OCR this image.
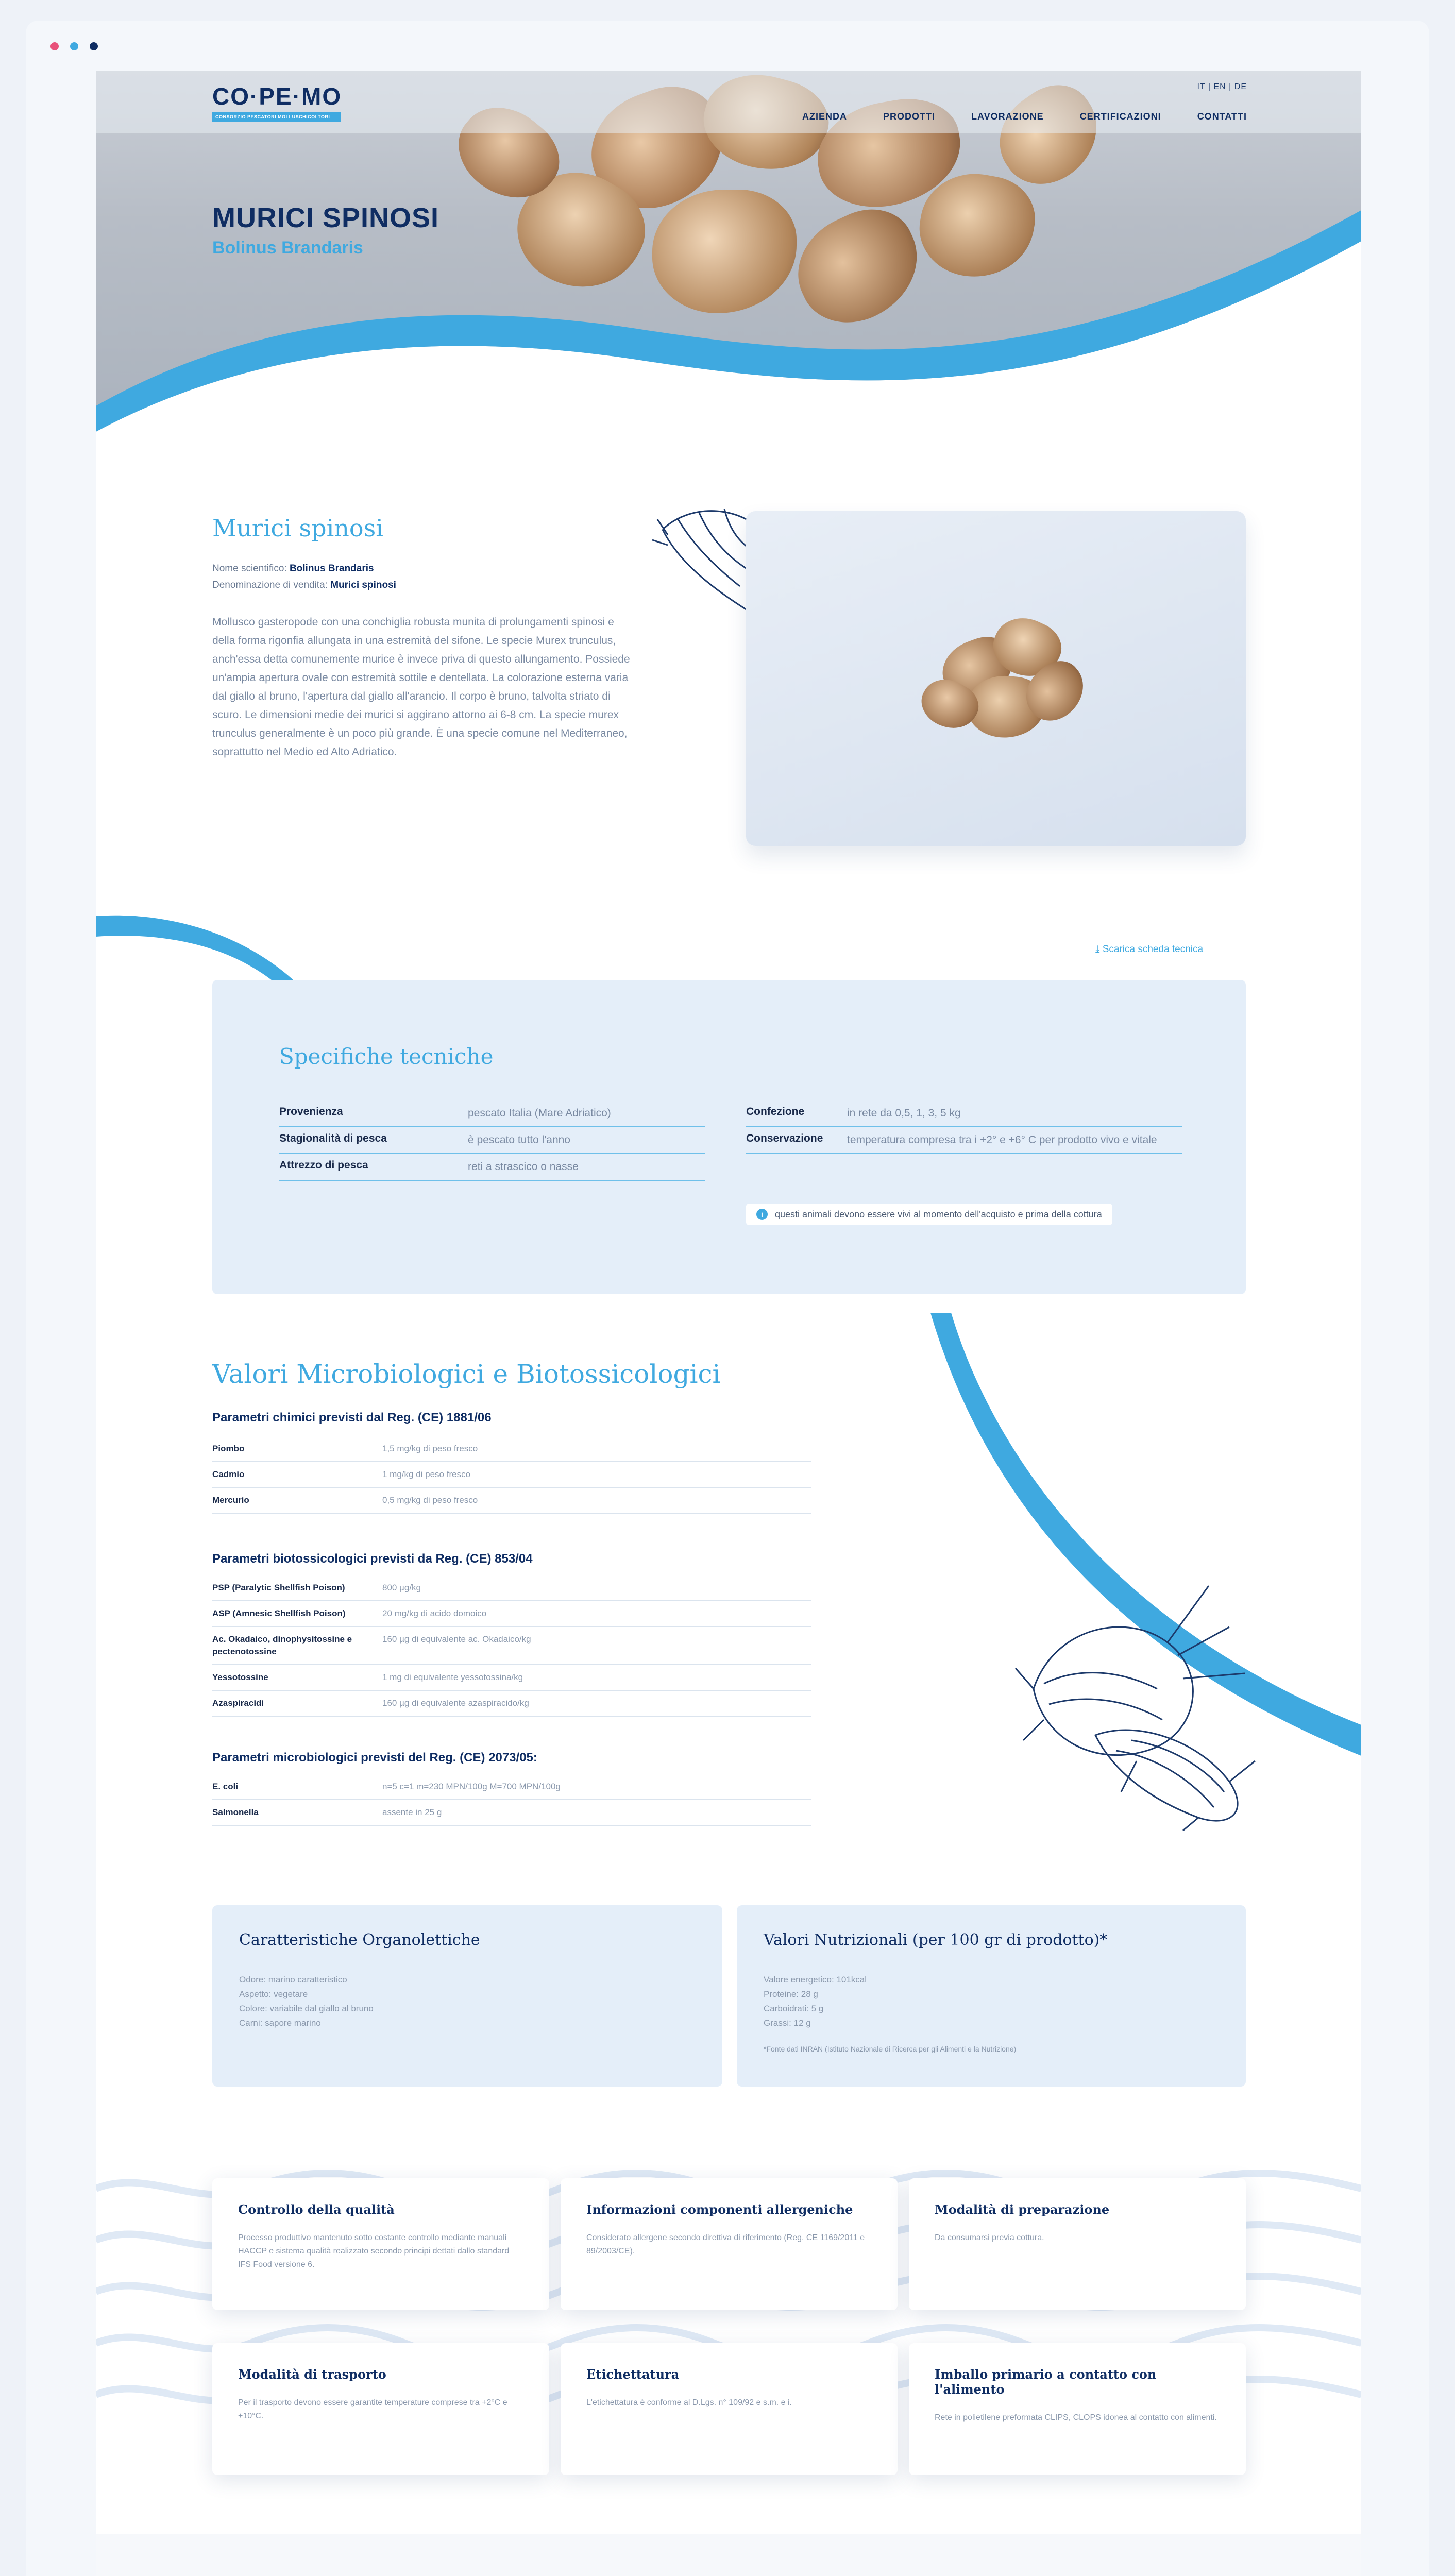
CO·PE·MO
CONSORZIO PESCATORI MOLLUSCHICOLTORI
IT | EN | DE
AZIENDA	PRODOTTI	LAVORAZIONE	CERTIFICAZIONI	CONTATTI
MURICI SPINOSI
Bolinus Brandaris
Murici spinosi
Nome scientifico: Bolinus Brandaris
Denominazione di vendita: Murici spinosi
Mollusco gasteropode con una conchiglia robusta munita di prolungamenti spinosi e della forma rigonfia allungata in una estremità del sifone. Le specie Murex trunculus, anch'essa detta comunemente murice è invece priva di questo allungamento. Possiede un'ampia apertura ovale con estremità sottile e dentellata. La colorazione esterna varia dal giallo al bruno, l'apertura dal giallo all'arancio. Il corpo è bruno, talvolta striato di scuro. Le dimensioni medie dei murici si aggirano attorno ai 6-8 cm. La specie murex trunculus generalmente è un poco più grande. È una specie comune nel Mediterraneo, soprattutto nel Medio ed Alto Adriatico.
⤓ Scarica scheda tecnica
Specifiche tecniche
Provenienza	pescato Italia (Mare Adriatico)
Stagionalità di pesca	è pescato tutto l'anno
Attrezzo di pesca	reti a strascico o nasse
Confezione	in rete da 0,5, 1, 3, 5 kg
Conservazione	temperatura compresa tra i +2° e +6° C per prodotto vivo e vitale
i	questi animali devono essere vivi al momento dell'acquisto e prima della cottura
Valori Microbiologici e Biotossicologici
Parametri chimici previsti dal Reg. (CE) 1881/06
Piombo	1,5 mg/kg di peso fresco
Cadmio	1 mg/kg di peso fresco
Mercurio	0,5 mg/kg di peso fresco
Parametri biotossicologici previsti da Reg. (CE) 853/04
PSP (Paralytic Shellfish Poison)	800 µg/kg
ASP (Amnesic Shellfish Poison)	20 mg/kg di acido domoico
Ac. Okadaico, dinophysitossine e pectenotossine
160 µg di equivalente ac. Okadaico/kg
Yessotossine	1 mg di equivalente yessotossina/kg
Azaspiracidi	160 µg di equivalente azaspiracido/kg
Parametri microbiologici previsti del Reg. (CE) 2073/05:
E. coli	n=5 c=1 m=230 MPN/100g M=700 MPN/100g
Salmonella	assente in 25 g
Caratteristiche Organolettiche

Odore: marino caratteristico

Aspetto: vegetare

Colore: variabile dal giallo al bruno

Carni: sapore marino

Valori Nutrizionali (per 100 gr di prodotto)*

Valore energetico: 101kcal

Proteine: 28 g

Carboidrati: 5 g

Grassi: 12 g

*Fonte dati INRAN (Istituto Nazionale di Ricerca per gli Alimenti e la Nutrizione)

Controllo della qualità

Processo produttivo mantenuto sotto costante controllo mediante manuali HACCP e sistema qualità realizzato secondo principi dettati dallo standard IFS Food versione 6.

Informazioni componenti allergeniche

Considerato allergene secondo direttiva di riferimento (Reg. CE 1169/2011 e 89/2003/CE).

Modalità di preparazione

Da consumarsi previa cottura.

Modalità di trasporto

Per il trasporto devono essere garantite temperature comprese tra +2°C e +10°C.

Etichettatura

L'etichettatura è conforme al D.Lgs. n° 109/92 e s.m. e i.

Imballo primario a contatto con l'alimento

Rete in polietilene preformata CLIPS, CLOPS idonea al contatto con alimenti.
